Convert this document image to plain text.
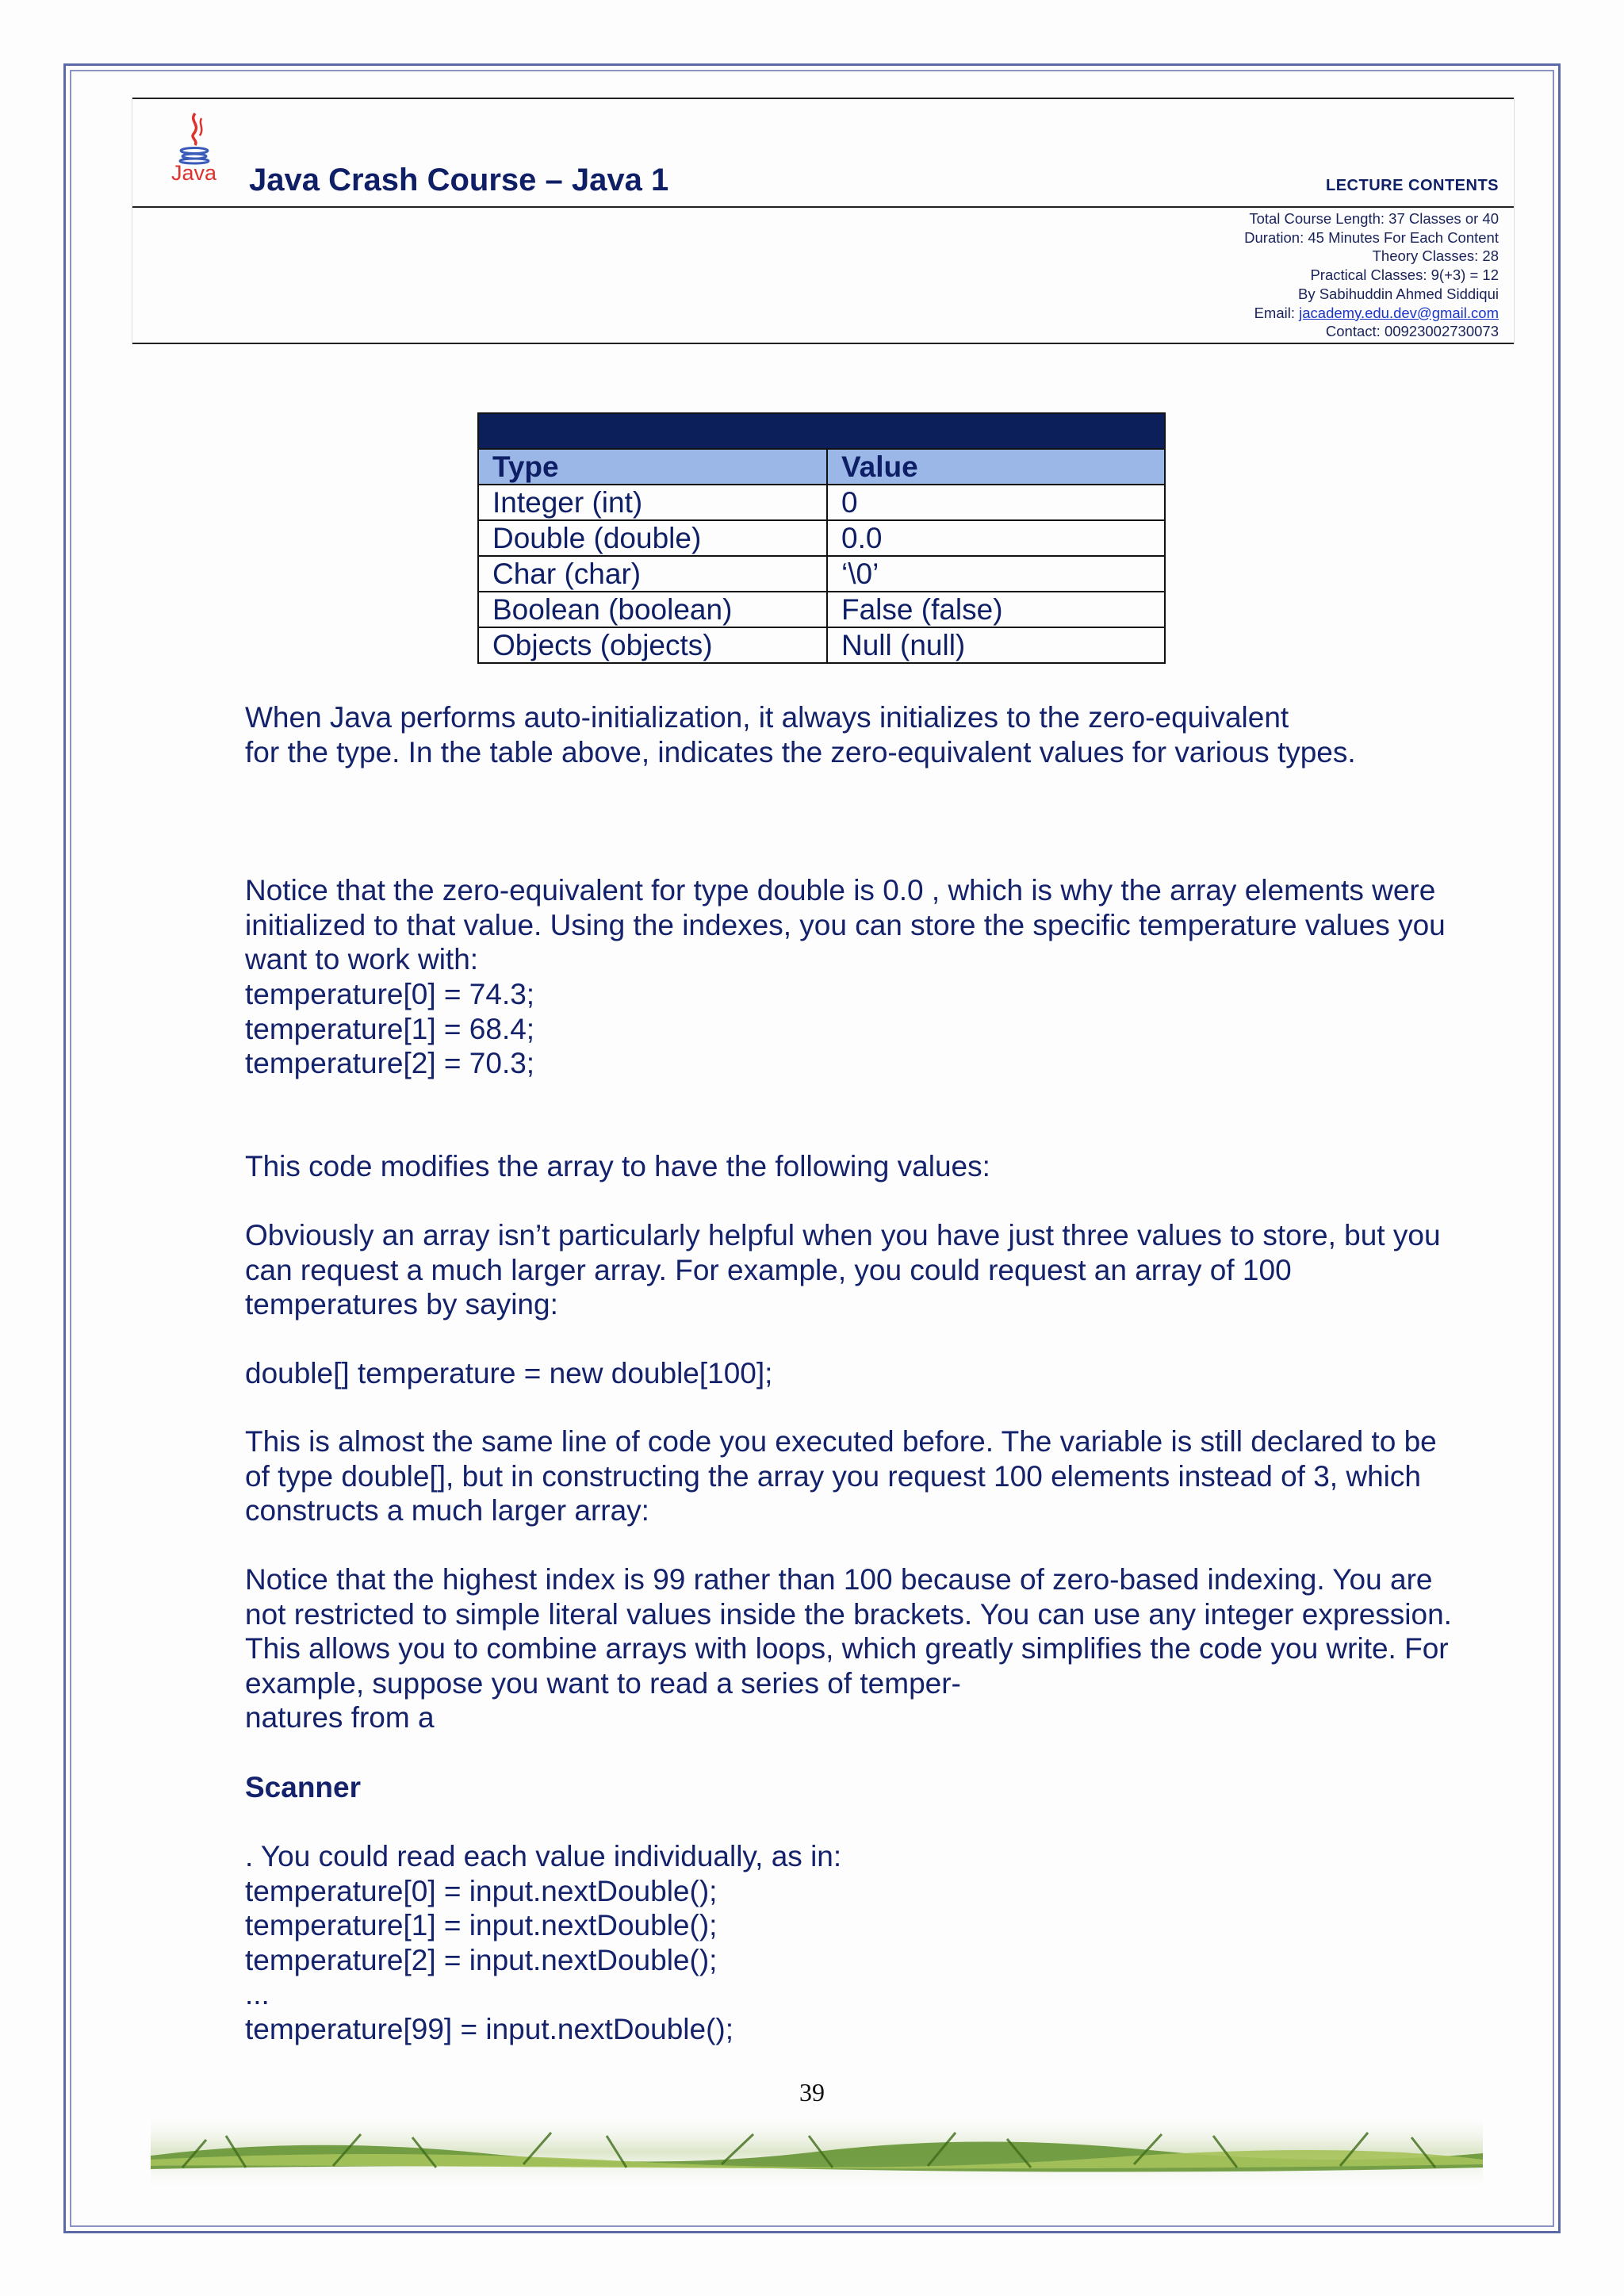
Java Java Crash Course – Java 1	LECTURE CONTENTS
Total Course Length: 37 Classes or 40
Duration: 45 Minutes For Each Content
Theory Classes: 28
Practical Classes: 9(+3) = 12
By Sabihuddin Ahmed Siddiqui
Email: jacademy.edu.dev@gmail.com
Contact: 00923002730073

Type	Value
Integer (int)	0
Double (double)	0.0
Char (char)	‘\0’
Boolean (boolean)	False (false)
Objects (objects)	Null (null)
When Java performs auto-initialization, it always initializes to the zero-equivalent
for the type. In the table above, indicates the zero-equivalent values for various types.
Notice that the zero-equivalent for type double is 0.0 , which is why the array elements were
initialized to that value. Using the indexes, you can store the specific temperature values you
want to work with:
temperature[0] = 74.3;
temperature[1] = 68.4;
temperature[2] = 70.3;
This code modifies the array to have the following values:
Obviously an array isn’t particularly helpful when you have just three values to store, but you
can request a much larger array. For example, you could request an array of 100
temperatures by saying:
double[] temperature = new double[100];
This is almost the same line of code you executed before. The variable is still declared to be
of type double[], but in constructing the array you request 100 elements instead of 3, which
constructs a much larger array:
Notice that the highest index is 99 rather than 100 because of zero-based indexing. You are
not restricted to simple literal values inside the brackets. You can use any integer expression.
This allows you to combine arrays with loops, which greatly simplifies the code you write. For
example, suppose you want to read a series of temper-
natures from a
Scanner
. You could read each value individually, as in:
temperature[0] = input.nextDouble();
temperature[1] = input.nextDouble();
temperature[2] = input.nextDouble();
...
temperature[99] = input.nextDouble();
39
